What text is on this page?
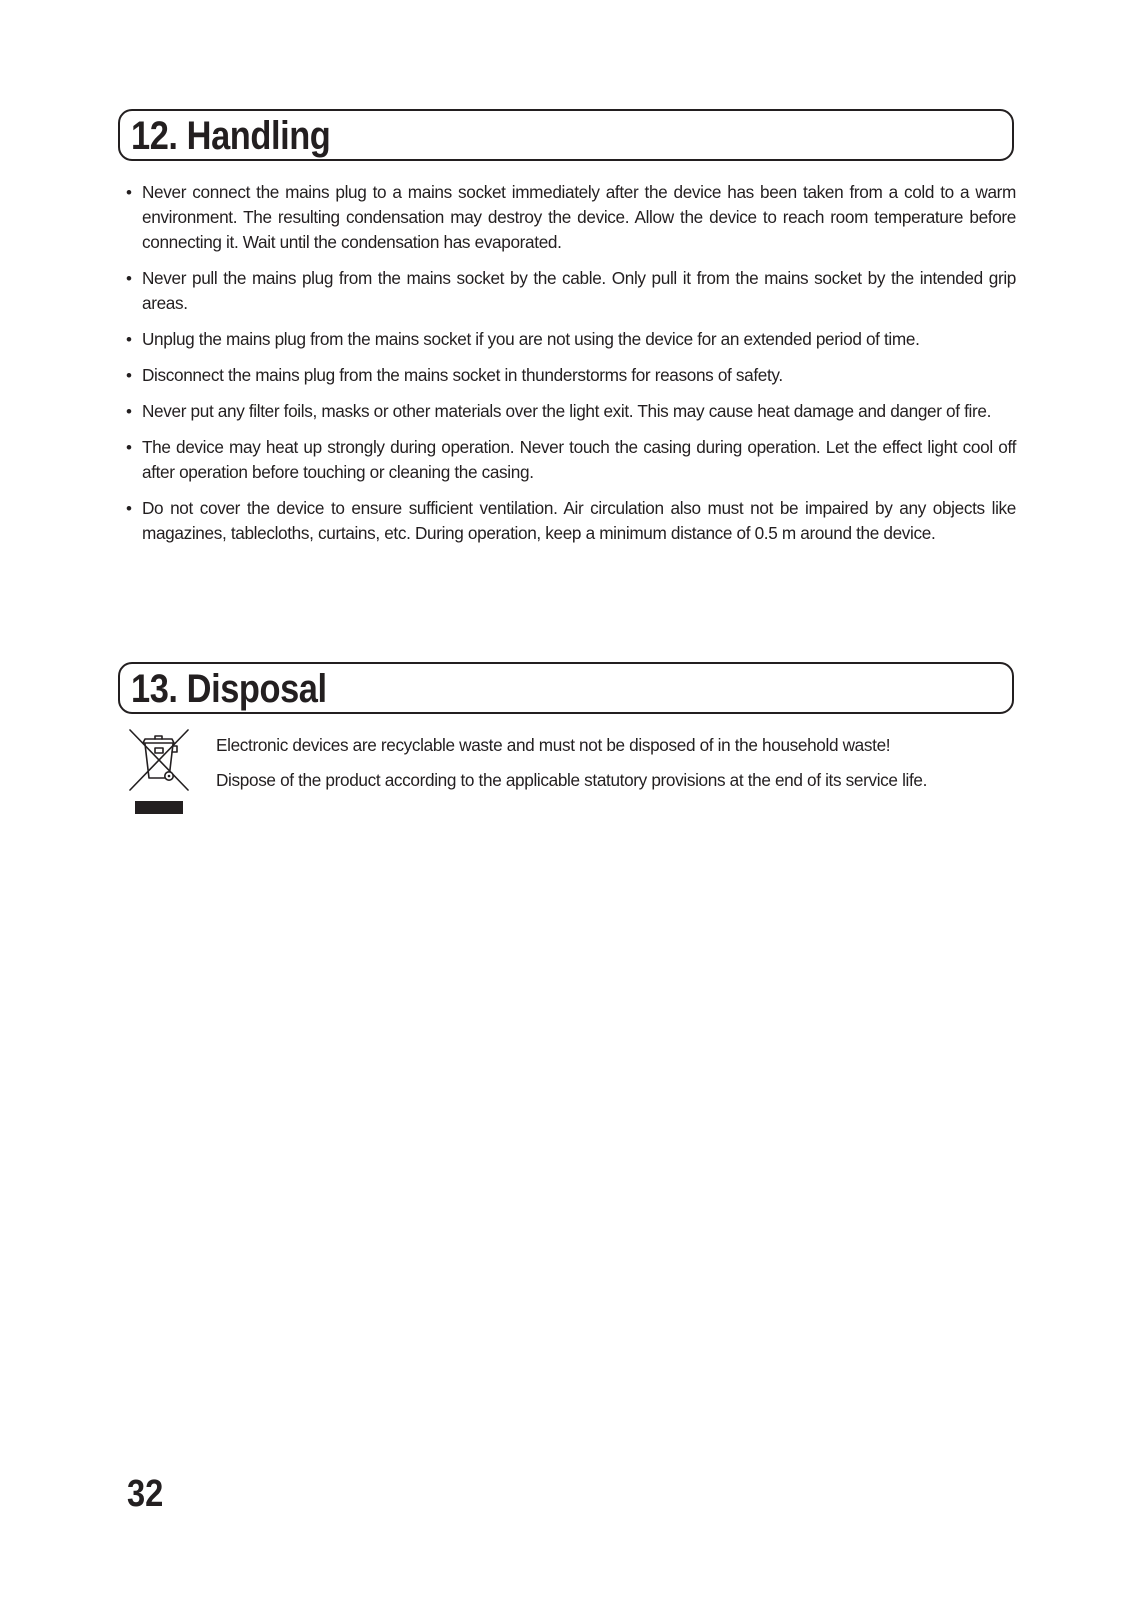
12. Handling
• Never connect the mains plug to a mains socket immediately after the device has been taken from a cold to a warm environment. The resulting condensation may destroy the device. Allow the device to reach room temperature before connecting it. Wait until the condensation has evaporated.
• Never pull the mains plug from the mains socket by the cable. Only pull it from the mains socket by the intended grip areas.
• Unplug the mains plug from the mains socket if you are not using the device for an extended period of time.
• Disconnect the mains plug from the mains socket in thunderstorms for reasons of safety.
• Never put any filter foils, masks or other materials over the light exit. This may cause heat damage and danger of fire.
• The device may heat up strongly during operation. Never touch the casing during operation. Let the effect light cool off after operation before touching or cleaning the casing.
• Do not cover the device to ensure sufficient ventilation. Air circulation also must not be impaired by any objects like magazines, tablecloths, curtains, etc. During operation, keep a minimum distance of 0.5 m around the device.
13. Disposal

Electronic devices are recyclable waste and must not be disposed of in the household waste!

Dispose of the product according to the applicable statutory provisions at the end of its service life.

32
